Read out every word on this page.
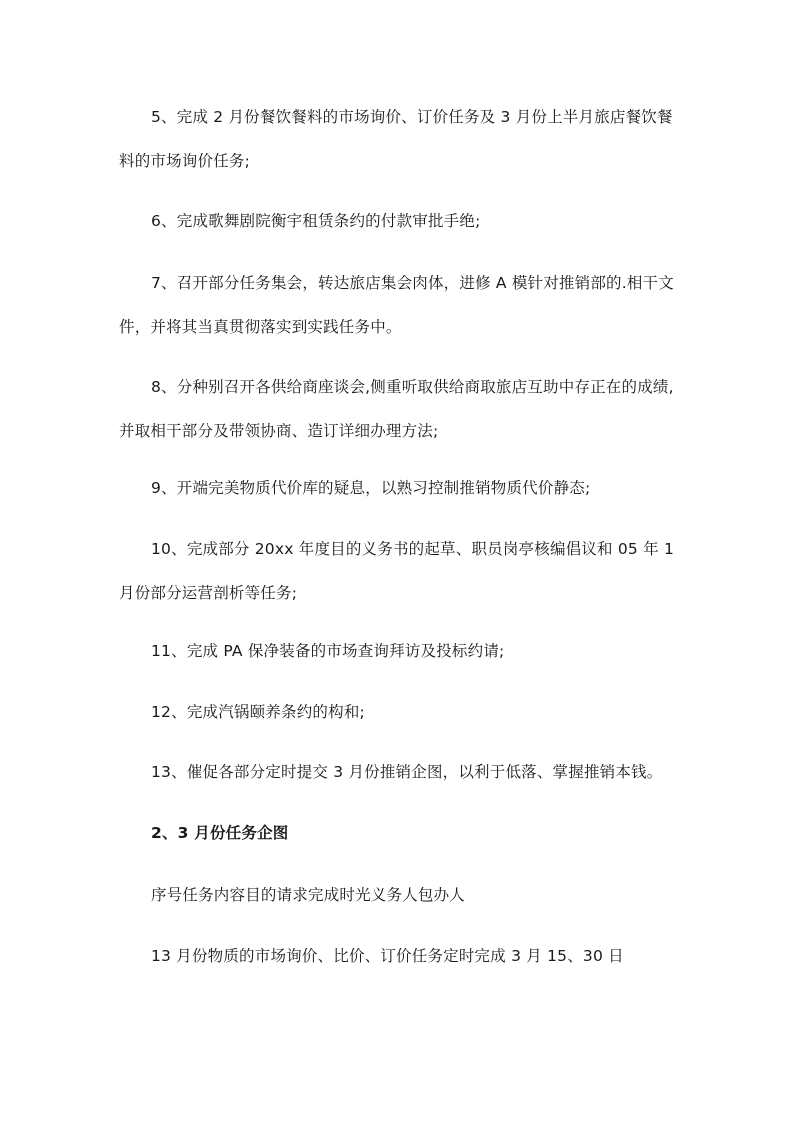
5、完成 2 月份餐饮餐料的市场询价、订价任务及 3 月份上半月旅店餐饮餐
料的市场询价任务;
6、完成歌舞剧院衡宇租赁条约的付款审批手绝;
7、召开部分任务集会，转达旅店集会肉体，进修 A 模针对推销部的.相干文
件，并将其当真贯彻落实到实践任务中。
8、分种别召开各供给商座谈会,侧重听取供给商取旅店互助中存正在的成绩,
并取相干部分及带领协商、造订详细办理方法;
9、开端完美物质代价库的疑息，以熟习控制推销物质代价静态;
10、完成部分 20xx 年度目的义务书的起草、职员岗亭核编倡议和 05 年 1
月份部分运营剖析等任务;
11、完成 PA 保净装备的市场查询拜访及投标约请;
12、完成汽锅颐养条约的构和;
13、催促各部分定时提交 3 月份推销企图，以利于低落、掌握推销本钱。
2、3 月份任务企图
序号任务内容目的请求完成时光义务人包办人
13 月份物质的市场询价、比价、订价任务定时完成 3 月 15、30 日
